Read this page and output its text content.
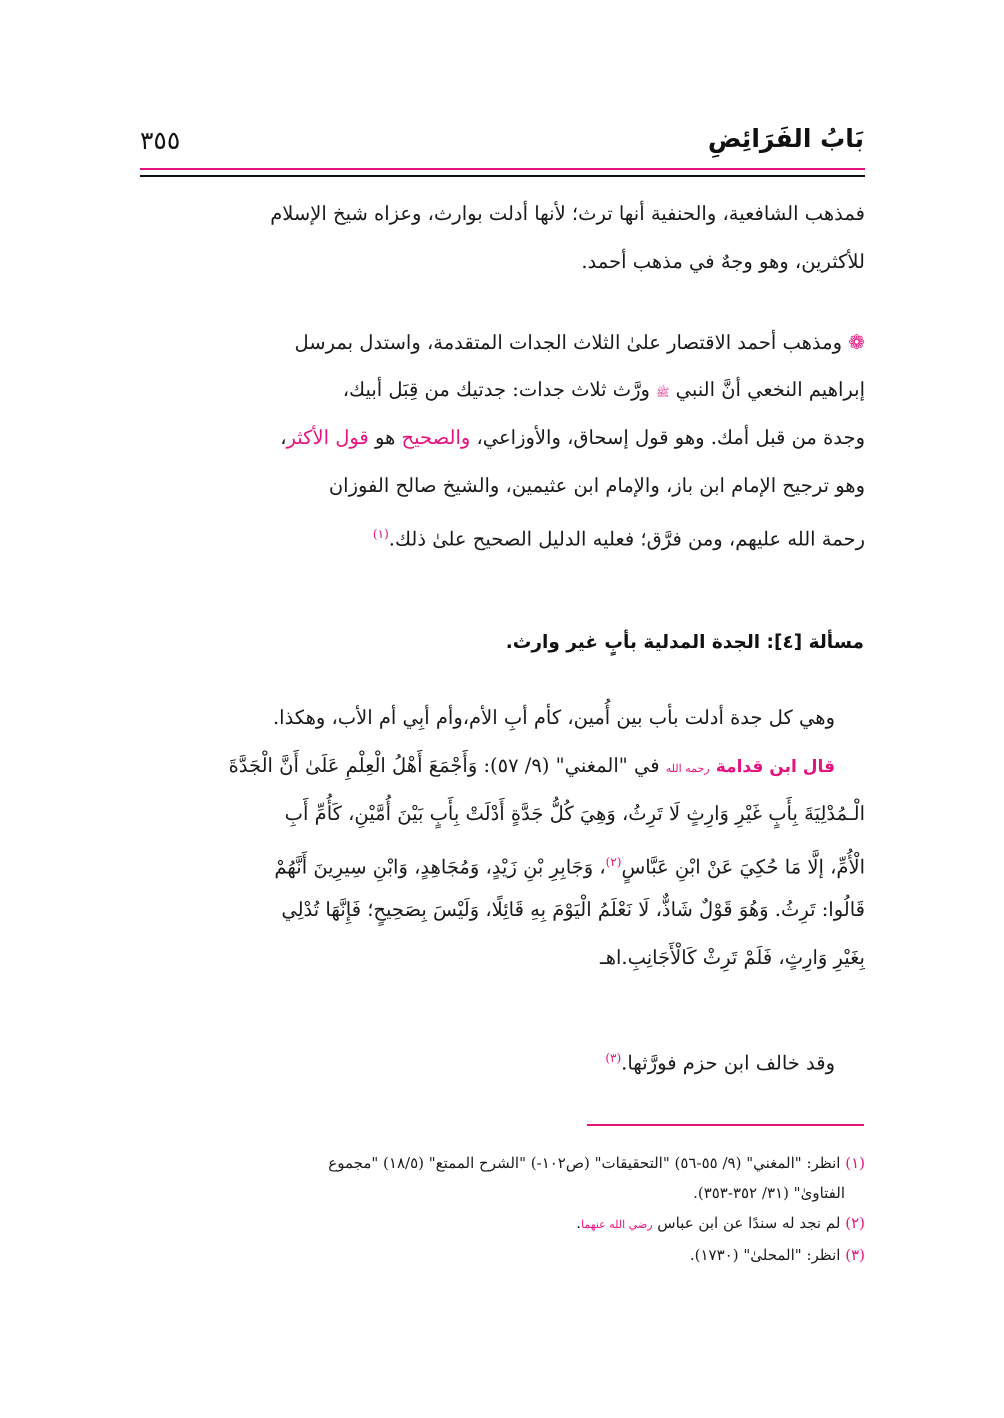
بَابُ الفَرَائِضِ
٣٥٥
فمذهب الشافعية، والحنفية أنها ترث؛ لأنها أدلت بوارث، وعزاه شيخ الإسلام
للأكثرين، وهو وجهٌ في مذهب أحمد.
❁ ومذهب أحمد الاقتصار علىٰ الثلاث الجدات المتقدمة، واستدل بمرسل
إبراهيم النخعي أنَّ النبي ﷺ ورَّث ثلاث جدات: جدتيك من قِبَل أبيك،
وجدة من قبل أمك. وهو قول إسحاق، والأوزاعي، والصحيح هو قول الأكثر،
وهو ترجيح الإمام ابن باز، والإمام ابن عثيمين، والشيخ صالح الفوزان
رحمة الله عليهم، ومن فرَّق؛ فعليه الدليل الصحيح علىٰ ذلك.$^{(١)}$
مسألة [٤]: الجدة المدلية بأبٍ غير وارث.
وهي كل جدة أدلت بأب بين أُمين، كأم أبِ الأم،وأم أبِي أم الأب، وهكذا.
قال ابن قدامة رحمه الله في "المغني" (٩/ ٥٧): وَأَجْمَعَ أَهْلُ الْعِلْمِ عَلَىٰ أَنَّ الْجَدَّةَ
الْـمُدْلِيَةَ بِأَبٍ غَيْرِ وَارِثٍ لَا تَرِثُ، وَهِيَ كُلُّ جَدَّةٍ أَدْلَتْ بِأَبٍ بَيْنَ أُمَّيْنِ، كَأُمِّ أَبِ
الْأُمِّ، إلَّا مَا حُكِيَ عَنْ ابْنِ عَبَّاسٍ$^{(٢)}$، وَجَابِرِ بْنِ زَيْدٍ، وَمُجَاهِدٍ، وَابْنِ سِيرِينَ أَنَّهُمْ
قَالُوا: تَرِثُ. وَهُوَ قَوْلٌ شَاذٌّ، لَا نَعْلَمُ الْيَوْمَ بِهِ قَائِلًا، وَلَيْسَ بِصَحِيحٍ؛ فَإِنَّهَا تُدْلِي
بِغَيْرِ وَارِثٍ، فَلَمْ تَرِثْ كَالْأَجَانِبِ.اهـ
وقد خالف ابن حزم فورَّثها.$^{(٣)}$
(١) انظر: "المغني" (٩/ ٥٥-٥٦) "التحقيقات" (ص١٠٢-) "الشرح الممتع" (١٨/٥) "مجموع
الفتاوىٰ" (٣١/ ٣٥٢-٣٥٣).
(٢) لم نجد له سندًا عن ابن عباس رضي الله عنهما.
(٣) انظر: "المحلىٰ" (١٧٣٠).
